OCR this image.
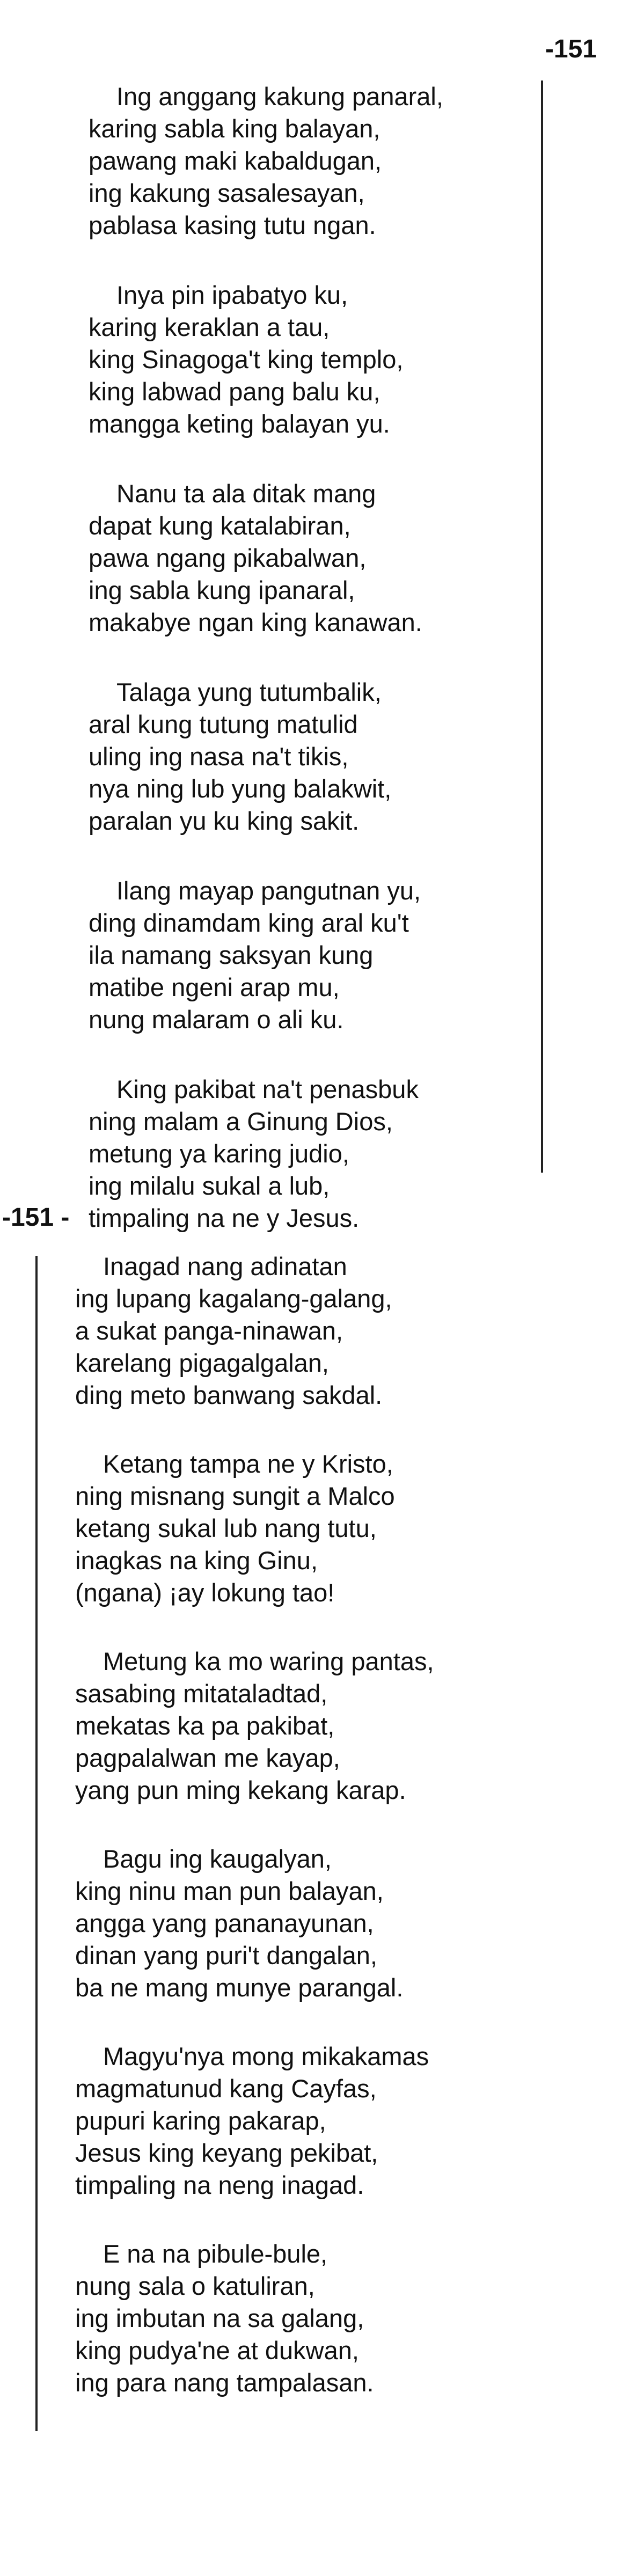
-151
Ing anggang kakung panaral,
karing sabla king balayan,
pawang maki kabaldugan,
ing kakung sasalesayan,
pablasa kasing tutu ngan.
Inya pin ipabatyo ku,
karing keraklan a tau,
king Sinagoga't king templo,
king labwad pang balu ku,
mangga keting balayan yu.
Nanu ta ala ditak mang
dapat kung katalabiran,
pawa ngang pikabalwan,
ing sabla kung ipanaral,
makabye ngan king kanawan.
Talaga yung tutumbalik,
aral kung tutung matulid
uling ing nasa na't tikis,
nya ning lub yung balakwit,
paralan yu ku king sakit.
Ilang mayap pangutnan yu,
ding dinamdam king aral ku't
ila namang saksyan kung
matibe ngeni arap mu,
nung malaram o ali ku.
King pakibat na't penasbuk
ning malam a Ginung Dios,
metung ya karing judio,
ing milalu sukal a lub,
timpaling na ne y Jesus.
-151 -
Inagad nang adinatan
ing lupang kagalang-galang,
a sukat panga-ninawan,
karelang pigagalgalan,
ding meto banwang sakdal.
Ketang tampa ne y Kristo,
ning misnang sungit a Malco
ketang sukal lub nang tutu,
inagkas na king Ginu,
(ngana) ¡ay lokung tao!
Metung ka mo waring pantas,
sasabing mitataladtad,
mekatas ka pa pakibat,
pagpalalwan me kayap,
yang pun ming kekang karap.
Bagu ing kaugalyan,
king ninu man pun balayan,
angga yang pananayunan,
dinan yang puri't dangalan,
ba ne mang munye parangal.
Magyu'nya mong mikakamas
magmatunud kang Cayfas,
pupuri karing pakarap,
Jesus king keyang pekibat,
timpaling na neng inagad.
E na na pibule-bule,
nung sala o katuliran,
ing imbutan na sa galang,
king pudya'ne at dukwan,
ing para nang tampalasan.
